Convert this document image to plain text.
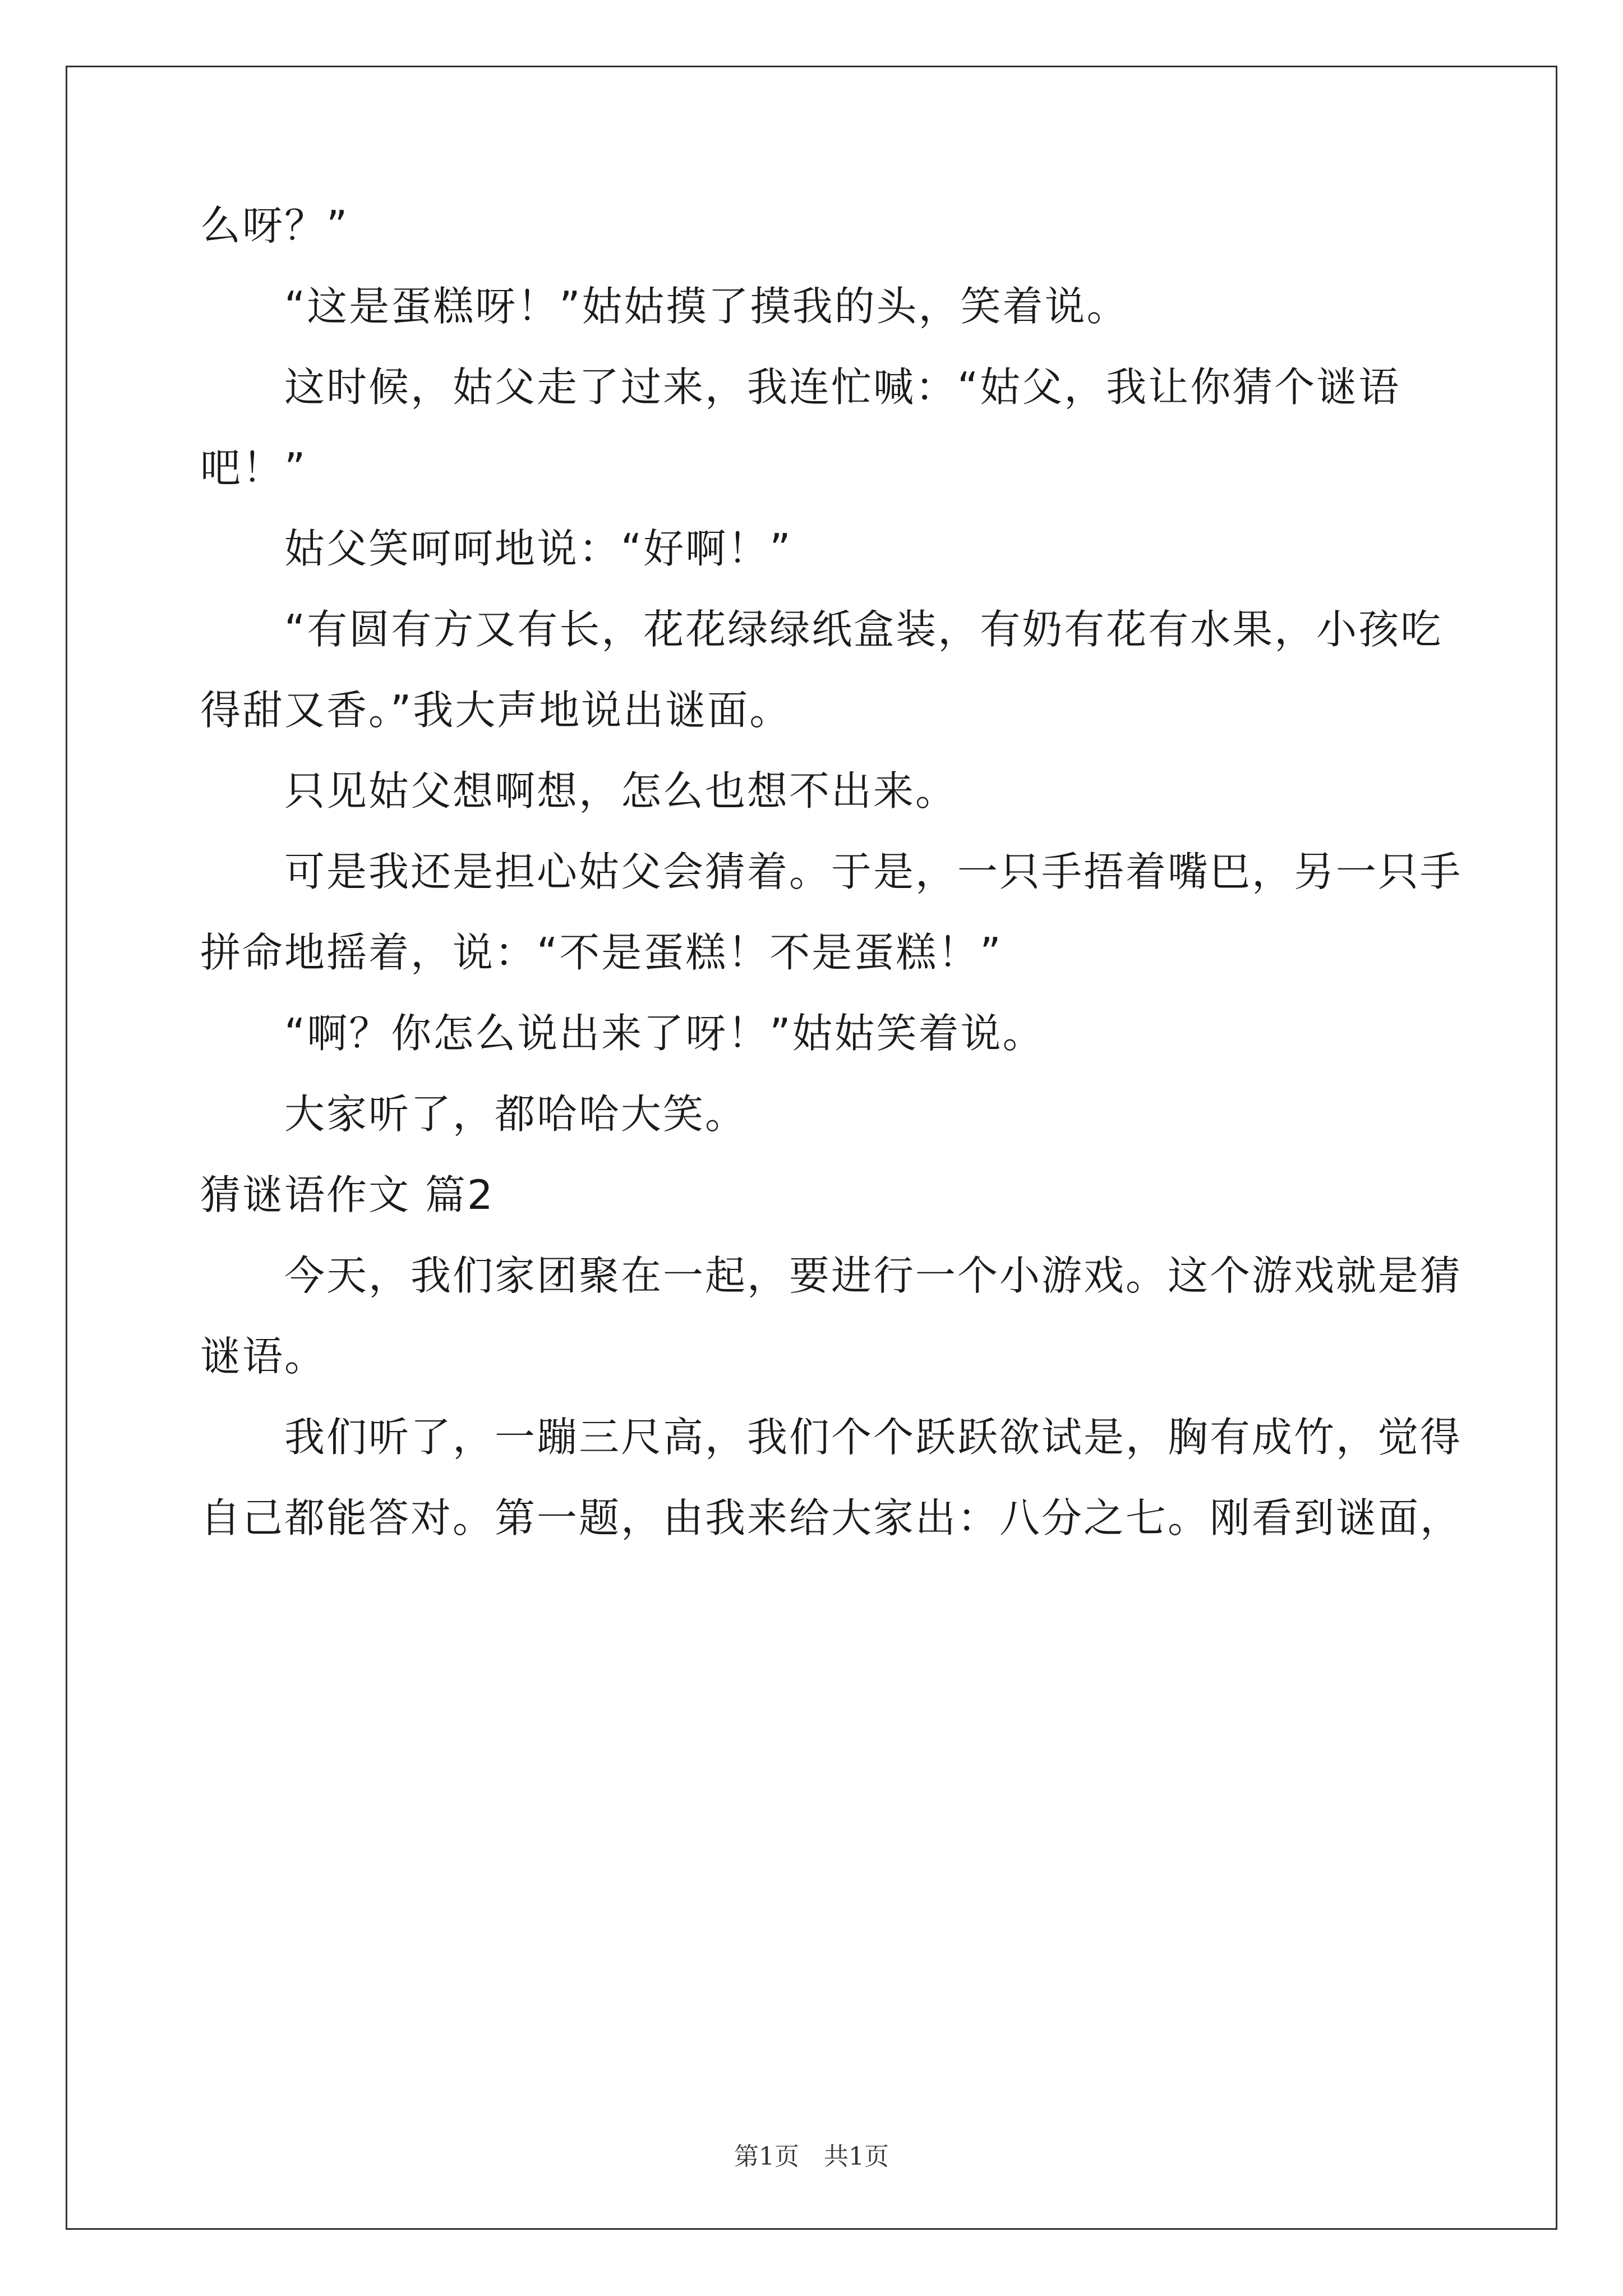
么呀？”

“这是蛋糕呀！”姑姑摸了摸我的头，笑着说。

这时候，姑父走了过来，我连忙喊：“姑父，我让你猜个谜语

吧！”

姑父笑呵呵地说：“好啊！”

“有圆有方又有长，花花绿绿纸盒装，有奶有花有水果，小孩吃

得甜又香。”我大声地说出谜面。

只见姑父想啊想，怎么也想不出来。

可是我还是担心姑父会猜着。于是，一只手捂着嘴巴，另一只手

拼命地摇着，说：“不是蛋糕！不是蛋糕！”

“啊？你怎么说出来了呀！”姑姑笑着说。

大家听了，都哈哈大笑。

猜谜语作文 篇2

今天，我们家团聚在一起，要进行一个小游戏。这个游戏就是猜

谜语。

我们听了，一蹦三尺高，我们个个跃跃欲试是，胸有成竹，觉得

自己都能答对。第一题，由我来给大家出：八分之七。刚看到谜面，

第1页　共1页
